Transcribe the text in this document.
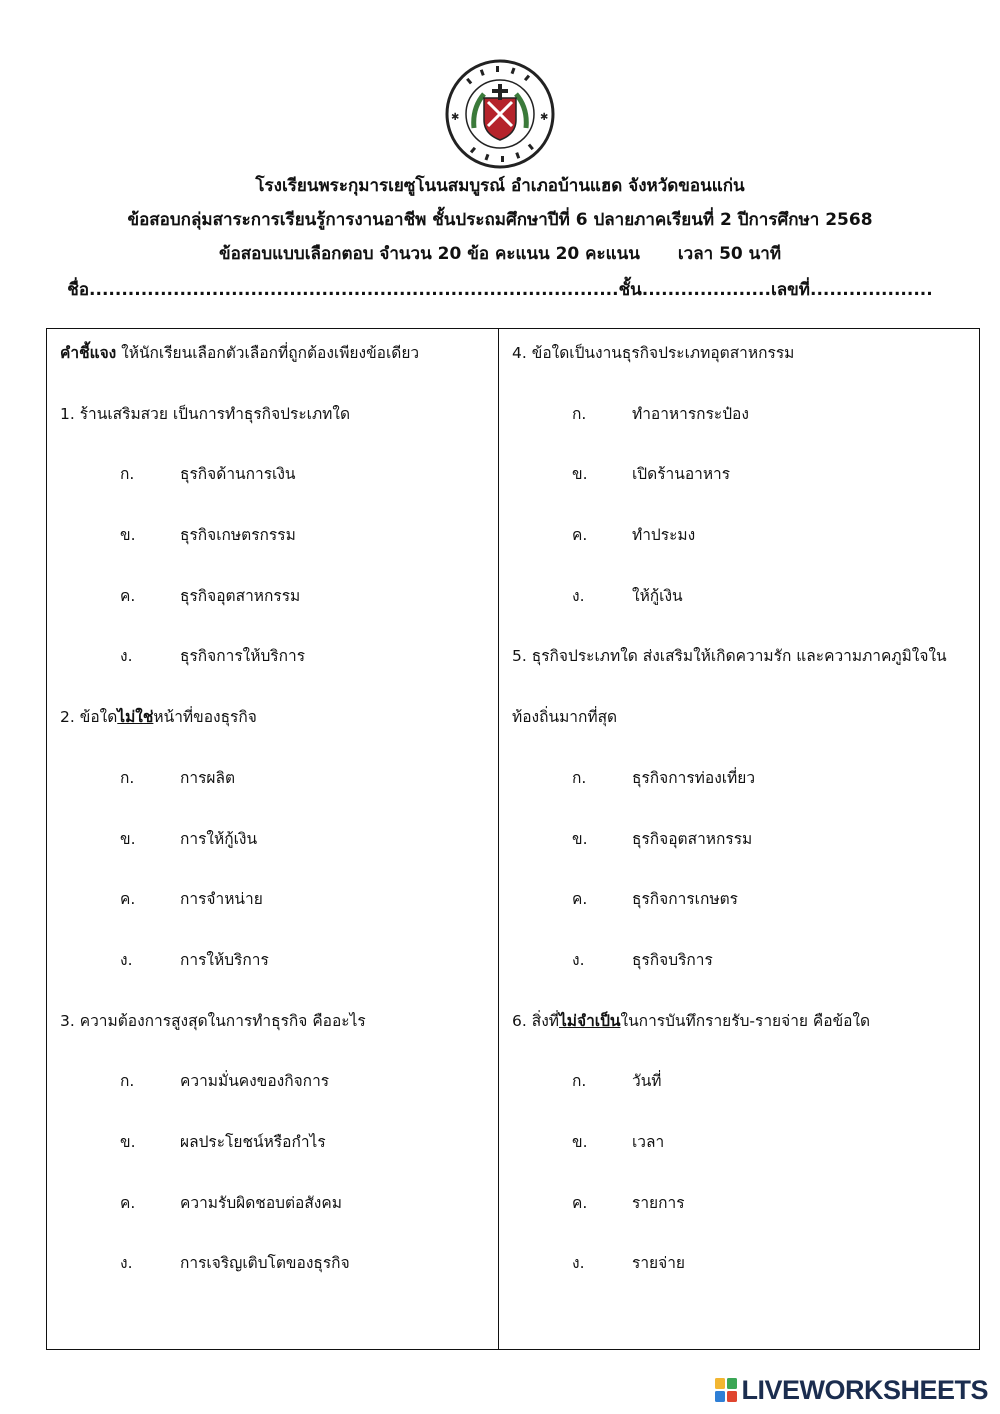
✱	✱
โรงเรียนพระกุมารเยซูโนนสมบูรณ์ อำเภอบ้านแฮด จังหวัดขอนแก่น
ข้อสอบกลุ่มสาระการเรียนรู้การงานอาชีพ ชั้นประถมศึกษาปีที่ 6 ปลายภาคเรียนที่ 2 ปีการศึกษา 2568
ข้อสอบแบบเลือกตอบ จำนวน 20 ข้อ คะแนน 20 คะแนน เวลา 50 นาที
ชื่อ..................................................................................ชั้น....................เลขที่...................
คำชี้แจง ให้นักเรียนเลือกตัวเลือกที่ถูกต้องเพียงข้อเดียว
1. ร้านเสริมสวย เป็นการทำธุรกิจประเภทใด
ก.	ธุรกิจด้านการเงิน
ข.	ธุรกิจเกษตรกรรม
ค.	ธุรกิจอุตสาหกรรม
ง.	ธุรกิจการให้บริการ
2. ข้อใดไม่ใช่หน้าที่ของธุรกิจ
ก.	การผลิต
ข.	การให้กู้เงิน
ค.	การจำหน่าย
ง.	การให้บริการ
3. ความต้องการสูงสุดในการทำธุรกิจ คืออะไร
ก.	ความมั่นคงของกิจการ
ข.	ผลประโยชน์หรือกำไร
ค.	ความรับผิดชอบต่อสังคม
ง.	การเจริญเติบโตของธุรกิจ
4. ข้อใดเป็นงานธุรกิจประเภทอุตสาหกรรม
ก.	ทำอาหารกระป๋อง
ข.	เปิดร้านอาหาร
ค.	ทำประมง
ง.	ให้กู้เงิน
5. ธุรกิจประเภทใด ส่งเสริมให้เกิดความรัก และความภาคภูมิใจใน
ท้องถิ่นมากที่สุด
ก.	ธุรกิจการท่องเที่ยว
ข.	ธุรกิจอุตสาหกรรม
ค.	ธุรกิจการเกษตร
ง.	ธุรกิจบริการ
6. สิ่งที่ไม่จำเป็นในการบันทึกรายรับ-รายจ่าย คือข้อใด
ก.	วันที่
ข.	เวลา
ค.	รายการ
ง.	รายจ่าย
LIVEWORKSHEETS
